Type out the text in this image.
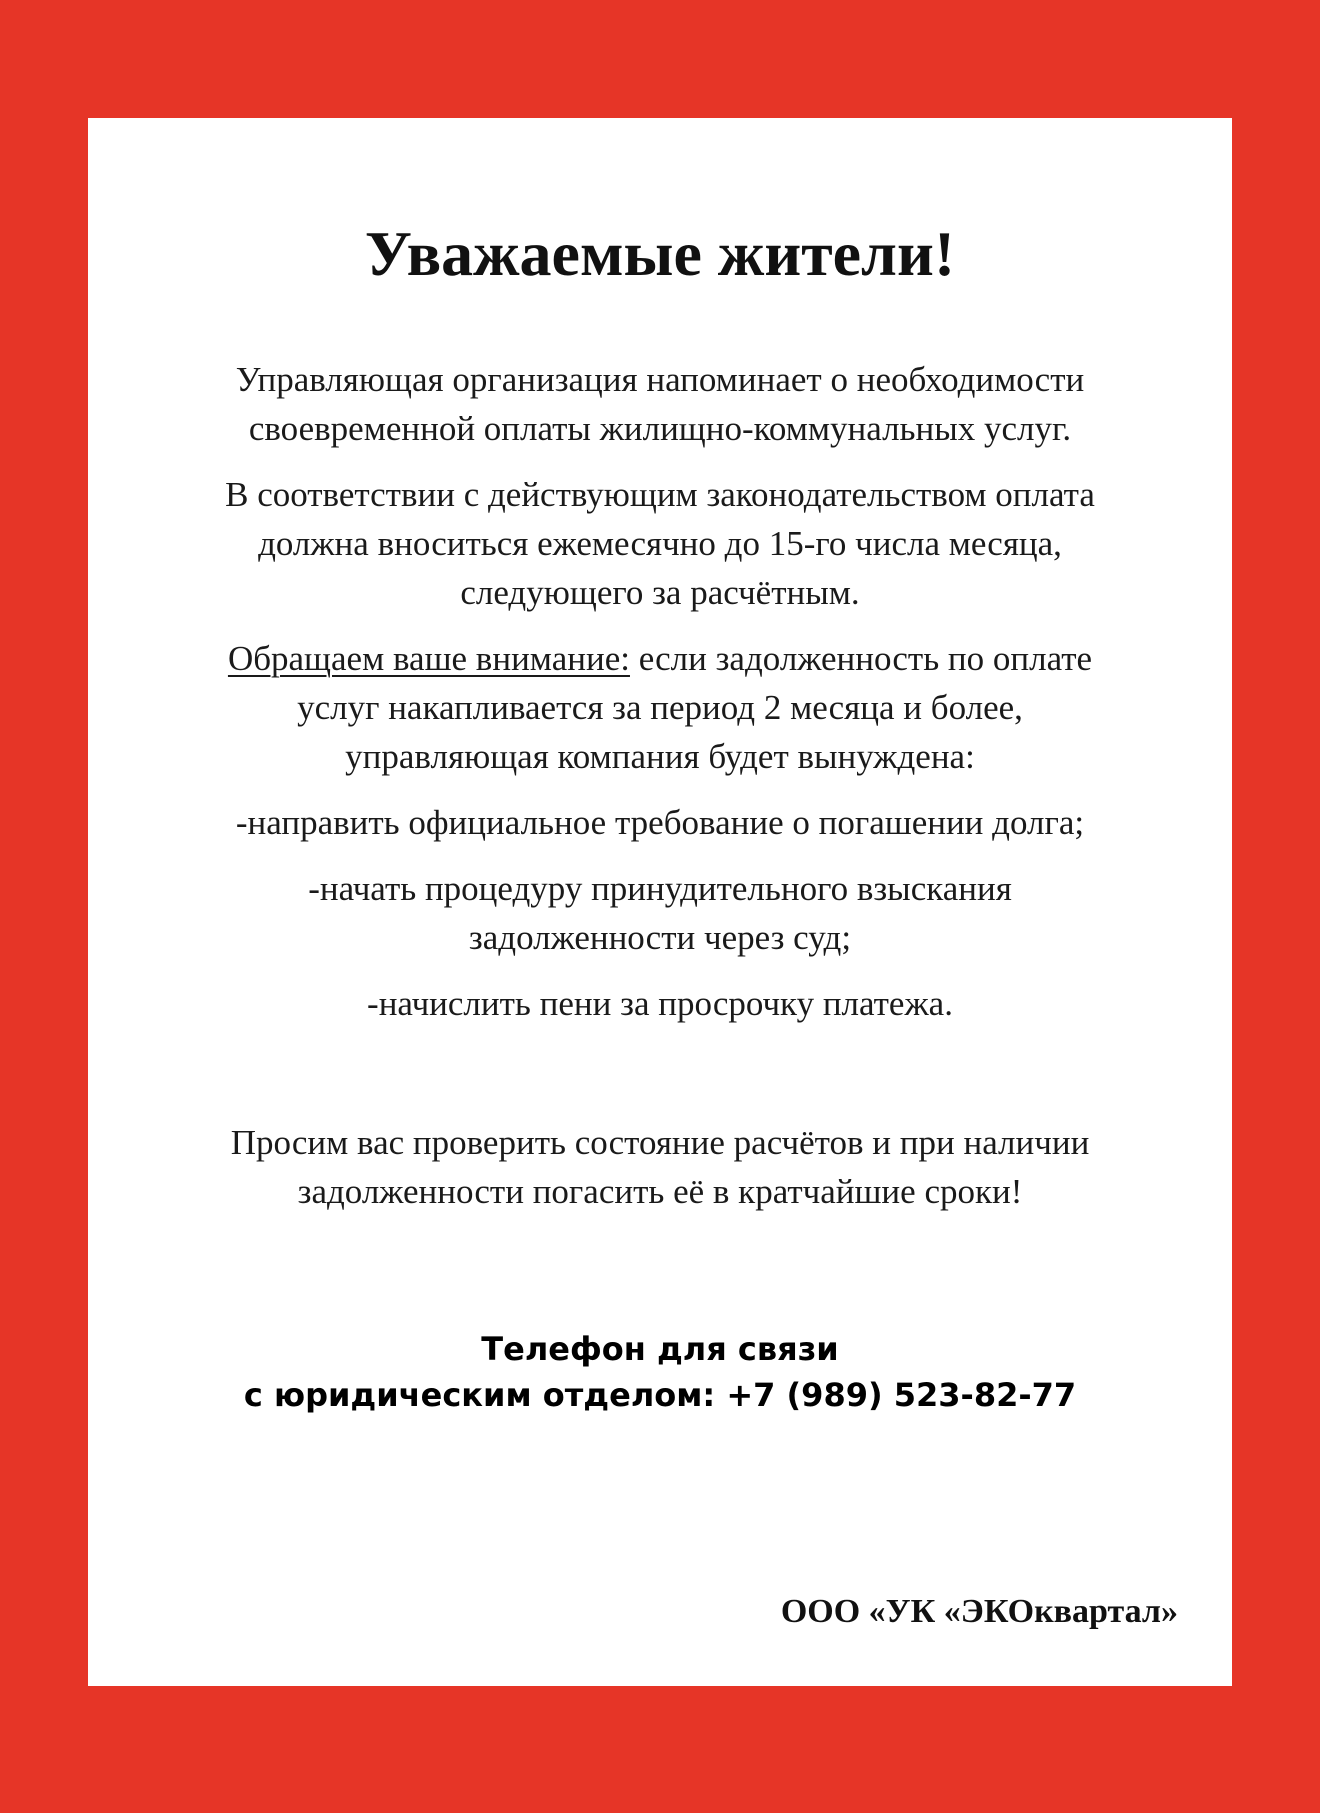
Уважаемые жители!

Управляющая организация напоминает о необходимости
своевременной оплаты жилищно-коммунальных услуг.

В соответствии с действующим законодательством оплата
должна вноситься ежемесячно до 15-го числа месяца,
следующего за расчётным.

Обращаем ваше внимание: если задолженность по оплате
услуг накапливается за период 2 месяца и более,
управляющая компания будет вынуждена:

-направить официальное требование о погашении долга;

-начать процедуру принудительного взыскания
задолженности через суд;

-начислить пени за просрочку платежа.

Просим вас проверить состояние расчётов и при наличии
задолженности погасить её в кратчайшие сроки!

Телефон для связи
с юридическим отделом: +7 (989) 523-82-77

ООО «УК «ЭКОквартал»
